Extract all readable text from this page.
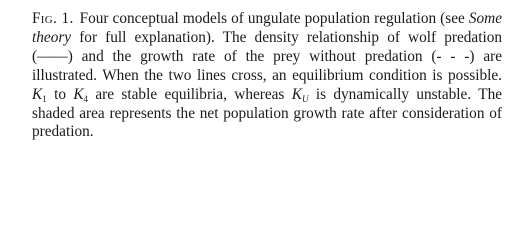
Fig. 1. Four conceptual models of ungulate population regulation (see Some theory for full explanation). The density relationship of wolf predation (——) and the growth rate of the prey without predation (- - -) are illustrated. When the two lines cross, an equilibrium condition is possible. $K_1$ to $K_4$ are stable equilibria, whereas $K_U$ is dynamically unstable. The shaded area represents the net population growth rate after consideration of predation.
